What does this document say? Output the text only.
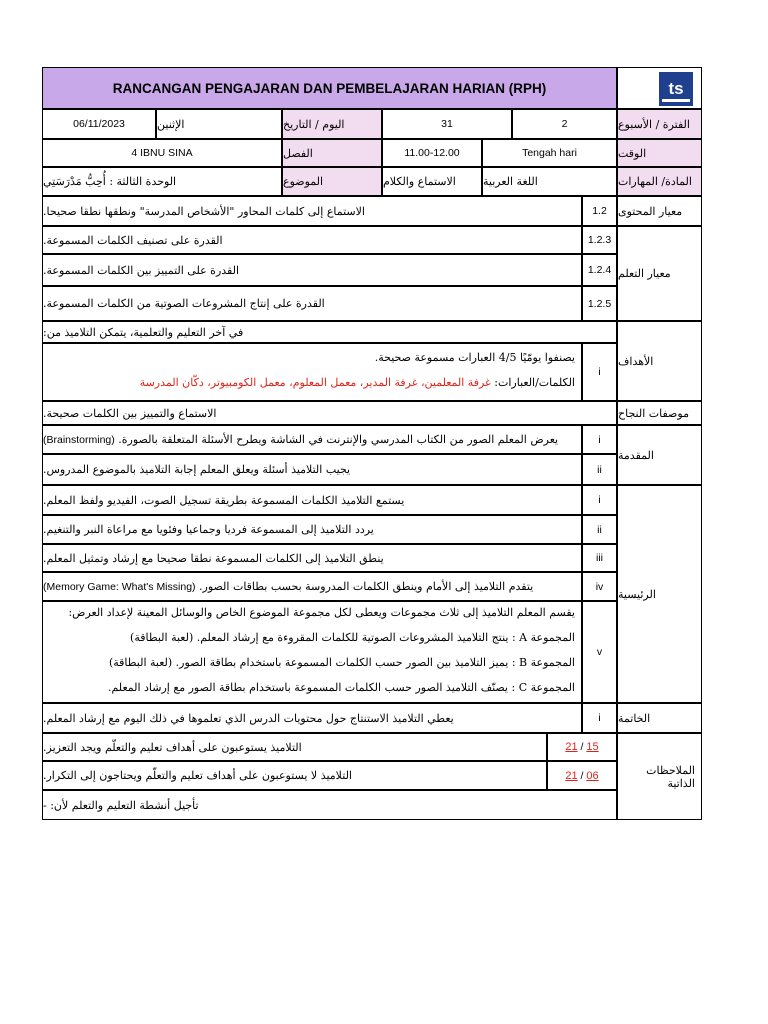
RANCANGAN PENGAJARAN DAN PEMBELAJARAN HARIAN (RPH)	ts
الفترة / الأسبوع
2
31
اليوم / التاريخ
الإثنين
06/11/2023
الوقت
Tengah hari
11.00-12.00
الفصل
4 IBNU SINA
المادة/ المهارات
اللغة العربية
الاستماع والكلام
الموضوع
الوحدة الثالثة : أُحِبُّ مَدْرَسَتِي
معيار المحتوى
1.2
الاستماع إلى كلمات المحاور "الأشخاص المدرسة" ونطقها نطقا صحيحا.
معيار التعلم
1.2.3
القدرة على تصنيف الكلمات المسموعة.
1.2.4
القدرة على التمييز بين الكلمات المسموعة.
1.2.5
القدرة على إنتاج المشروعات الصوتية من الكلمات المسموعة.
الأهداف
في آخر التعليم والتعلمية، يتمكن التلاميذ من:
i
يصنفوا يومّيًا 4/5 العبارات مسموعة صحيحة.
الكلمات/العبارات: غرفة المعلمين، غرفة المدير، معمل المعلوم، معمل الكومبيوتر، دكّان المدرسة
موصفات النجاح
الاستماع والتمييز بين الكلمات صحيحة.
المقدمة
i
يعرض المعلم الصور من الكتاب المدرسي والإنترنت في الشاشة ويطرح الأسئلة المتعلقة بالصورة.

(Brainstorming)
ii
يجيب التلاميذ أسئلة ويعلق المعلم إجابة التلاميذ بالموضوع المدروس.
الرئيسية
i
يستمع التلاميذ الكلمات المسموعة بطريقة تسجيل الصوت، الفيديو ولفظ المعلم.
ii
يردد التلاميذ إلى المسموعة فرديا وجماعيا وفئويا مع مراعاة النبر والتنغيم.
iii
ينطق التلاميذ إلى الكلمات المسموعة نطقا صحيحا مع إرشاد وتمثيل المعلم.
iv
يتقدم التلاميذ إلى الأمام وينطق الكلمات المدروسة بحسب بطاقات الصور.

(Memory Game: What's Missing)
v
يقسم المعلم التلاميذ إلى ثلاث مجموعات ويعطى لكل مجموعة الموضوع الخاص والوسائل المعينة لإعداد العرض:
المجموعة A : ينتج التلاميذ المشروعات الصوتية للكلمات المقروءة مع إرشاد المعلم. (لعبة البطاقة)
المجموعة B : يميز التلاميذ بين الصور حسب الكلمات المسموعة باستخدام بطاقة الصور. (لعبة البطاقة)
المجموعة C : يصنّف التلاميذ الصور حسب الكلمات المسموعة باستخدام بطاقة الصور مع إرشاد المعلم.
الخاتمة
i
يعطي التلاميذ الاستنتاج حول محتويات الدرس الذي تعلموها في ذلك اليوم مع إرشاد المعلم.
الملاحظات الذاتية
21
/
15
التلاميذ يستوعبون على أهداف تعليم والتعلّم ويجد التعزيز.
21
/
06
التلاميذ لا يستوعبون على أهداف تعليم والتعلّم ويحتاجون إلى التكرار.
تأجيل أنشطة التعليم والتعلم لأن: -
